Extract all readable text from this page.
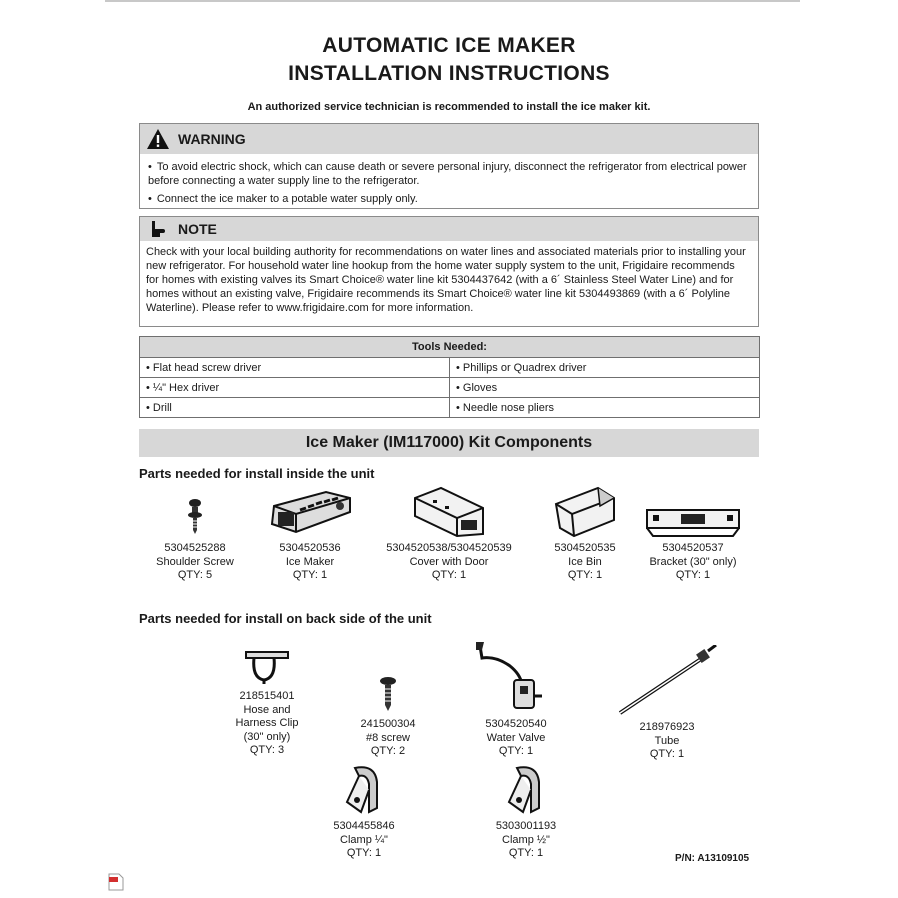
AUTOMATIC ICE MAKER
INSTALLATION INSTRUCTIONS
An authorized service technician is recommended to install the ice maker kit.
WARNING
• To avoid electric shock, which can cause death or severe personal injury, disconnect the refrigerator from electrical power before connecting a water supply line to the refrigerator.
• Connect the ice maker to a potable water supply only.
NOTE
Check with your local building authority for recommendations on water lines and associated materials prior to installing your new refrigerator. For household water line hookup from the home water supply system to the unit, Frigidaire recommends for homes with existing valves its Smart Choice® water line kit 5304437642 (with a 6´ Stainless Steel Water Line) and for homes without an existing valve, Frigidaire recommends its Smart Choice® water line kit 5304493869 (with a 6´ Polyline Waterline). Please refer to www.frigidaire.com for more information.
Tools Needed:	
• Flat head screw driver	• Phillips or Quadrex driver
• ¼" Hex driver	• Gloves
• Drill	• Needle nose pliers
Ice Maker (IM117000) Kit Components
Parts needed for install inside the unit
5304525288
Shoulder Screw
QTY: 5
5304520536
Ice Maker
QTY: 1
5304520538/5304520539
Cover with Door
QTY: 1
5304520535
Ice Bin
QTY: 1
5304520537
Bracket (30" only)
QTY: 1
Parts needed for install on back side of the unit
218515401
Hose and
Harness Clip
(30" only)
QTY: 3
241500304
#8 screw
QTY: 2
5304520540
Water Valve
QTY: 1
218976923
Tube
QTY: 1
5304455846
Clamp ¼"
QTY: 1
5303001193
Clamp ½"
QTY: 1	P/N: A13109105
